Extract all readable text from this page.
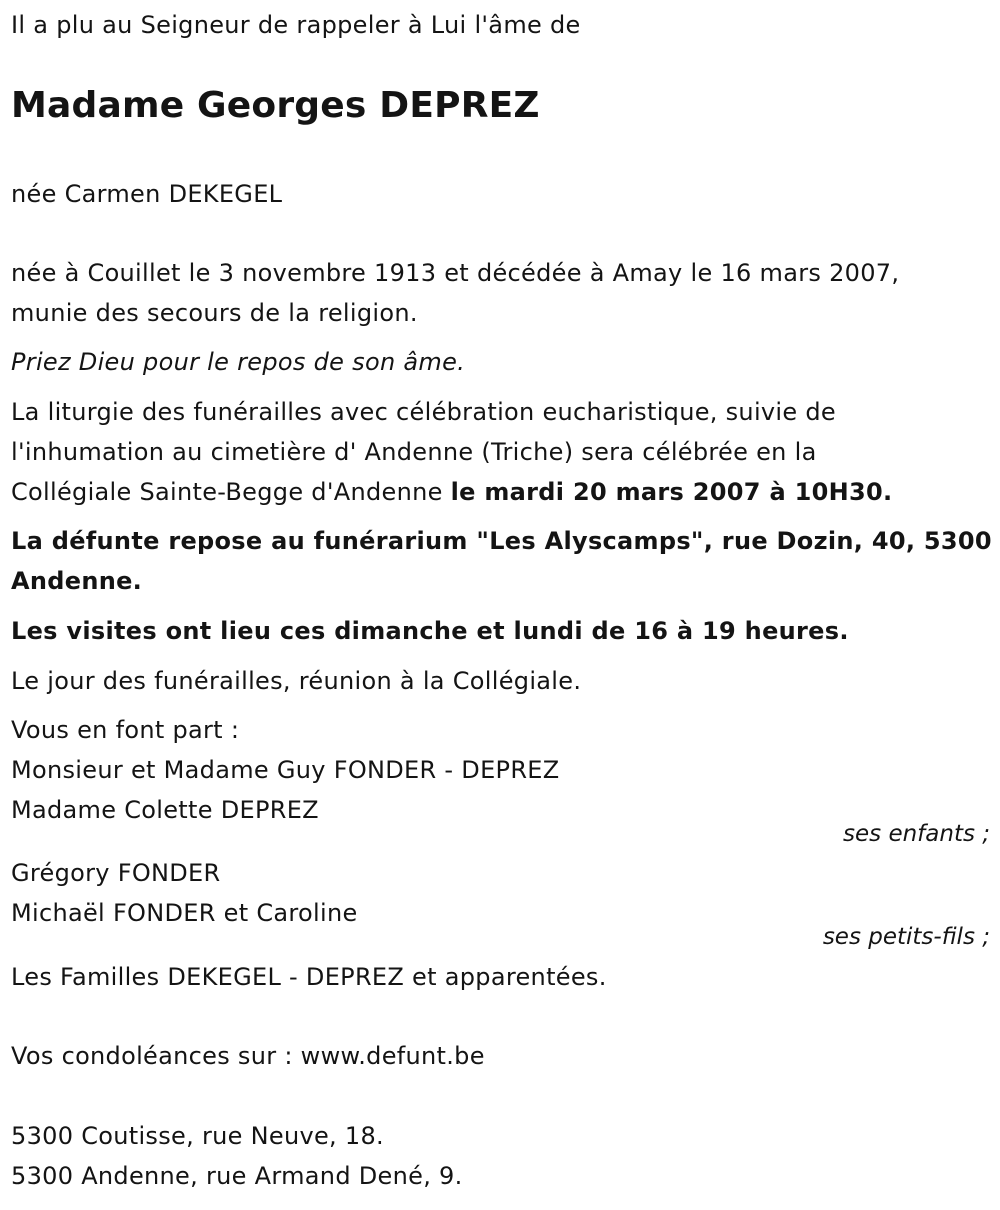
Il a plu au Seigneur de rappeler à Lui l'âme de
Madame Georges DEPREZ
née Carmen DEKEGEL
née à Couillet le 3 novembre 1913 et décédée à Amay le 16 mars 2007,
munie des secours de la religion.
Priez Dieu pour le repos de son âme.
La liturgie des funérailles avec célébration eucharistique, suivie de
l'inhumation au cimetière d' Andenne (Triche) sera célébrée en la
Collégiale Sainte-Begge d'Andenne le mardi 20 mars 2007 à 10H30.
La défunte repose au funérarium "Les Alyscamps", rue Dozin, 40, 5300
Andenne.
Les visites ont lieu ces dimanche et lundi de 16 à 19 heures.
Le jour des funérailles, réunion à la Collégiale.
Vous en font part :
Monsieur et Madame Guy FONDER - DEPREZ
Madame Colette DEPREZ
ses enfants ;
Grégory FONDER
Michaël FONDER et Caroline
ses petits-fils ;
Les Familles DEKEGEL - DEPREZ et apparentées.
Vos condoléances sur : www.defunt.be
5300 Coutisse, rue Neuve, 18.
5300 Andenne, rue Armand Dené, 9.
